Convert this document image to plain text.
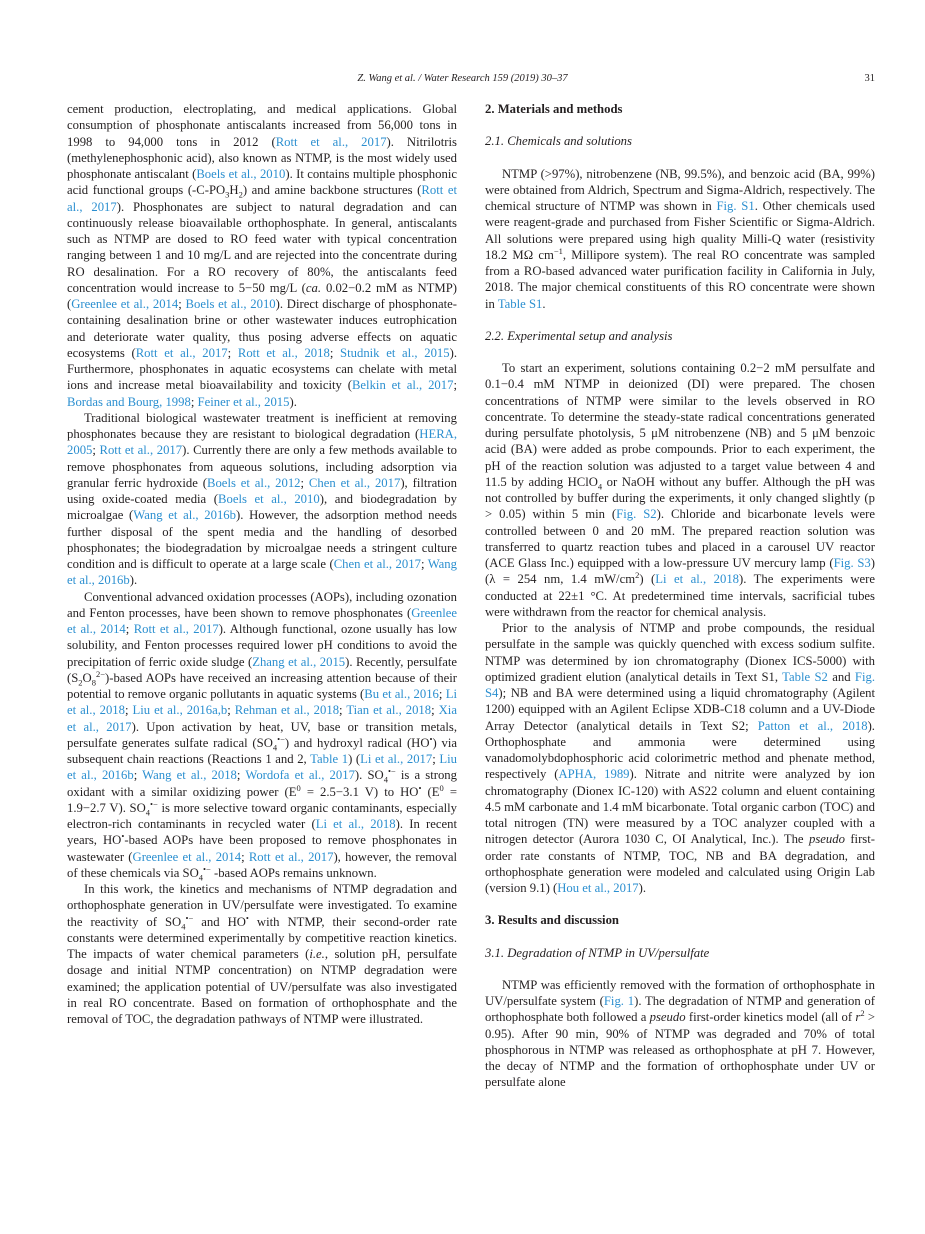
Z. Wang et al. / Water Research 159 (2019) 30–37	31

cement production, electroplating, and medical applications. Global consumption of phosphonate antiscalants increased from 56,000 tons in 1998 to 94,000 tons in 2012 (Rott et al., 2017). Nitrilotris (methylenephosphonic acid), also known as NTMP, is the most widely used phosphonate antiscalant (Boels et al., 2010). It contains multiple phosphonic acid functional groups $(-C-PO_3H_2)$ and amine backbone structures (Rott et al., 2017). Phosphonates are subject to natural degradation and can continuously release bioavailable orthophosphate. In general, antiscalants such as NTMP are dosed to RO feed water with typical concentration ranging between 1 and 10 mg/L and are rejected into the concentrate during RO desalination. For a RO recovery of 80%, the antiscalants feed concentration would increase to 5−50 mg/L (ca. 0.02−0.2 mM as NTMP) (Greenlee et al., 2014; Boels et al., 2010). Direct discharge of phosphonate-containing desalination brine or other wastewater induces eutrophication and deteriorate water quality, thus posing adverse effects on aquatic ecosystems (Rott et al., 2017; Rott et al., 2018; Studnik et al., 2015). Furthermore, phosphonates in aquatic ecosystems can chelate with metal ions and increase metal bioavailability and toxicity (Belkin et al., 2017; Bordas and Bourg, 1998; Feiner et al., 2015).

Traditional biological wastewater treatment is inefficient at removing phosphonates because they are resistant to biological degradation (HERA, 2005; Rott et al., 2017). Currently there are only a few methods available to remove phosphonates from aqueous solutions, including adsorption via granular ferric hydroxide (Boels et al., 2012; Chen et al., 2017), filtration using oxide-coated media (Boels et al., 2010), and biodegradation by microalgae (Wang et al., 2016b). However, the adsorption method needs further disposal of the spent media and the handling of desorbed phosphonates; the biodegradation by microalgae needs a stringent culture condition and is difficult to operate at a large scale (Chen et al., 2017; Wang et al., 2016b).

Conventional advanced oxidation processes (AOPs), including ozonation and Fenton processes, have been shown to remove phosphonates (Greenlee et al., 2014; Rott et al., 2017). Although functional, ozone usually has low solubility, and Fenton processes required lower pH conditions to avoid the precipitation of ferric oxide sludge (Zhang et al., 2015). Recently, persulfate $(S_2O_8^{2-})$-based AOPs have received an increasing attention because of their potential to remove organic pollutants in aquatic systems (Bu et al., 2016; Li et al., 2018; Liu et al., 2016a,b; Rehman et al., 2018; Tian et al., 2018; Xia et al., 2017). Upon activation by heat, UV, base or transition metals, persulfate generates sulfate radical $(SO_4^{•-})$ and hydroxyl radical (HO•) via subsequent chain reactions (Reactions 1 and 2, Table 1) (Li et al., 2017; Liu et al., 2016b; Wang et al., 2018; Wordofa et al., 2017). $SO_4^{•-}$ is a strong oxidant with a similar oxidizing power ($E^0 = 2.5-3.1$ V) to HO• ($E^0 = 1.9-2.7$ V). $SO_4^{•-}$ is more selective toward organic contaminants, especially electron-rich contaminants in recycled water (Li et al., 2018). In recent years, HO•-based AOPs have been proposed to remove phosphonates in wastewater (Greenlee et al., 2014; Rott et al., 2017), however, the removal of these chemicals via $SO_4^{•-}$ -based AOPs remains unknown.

In this work, the kinetics and mechanisms of NTMP degradation and orthophosphate generation in UV/persulfate were investigated. To examine the reactivity of $SO_4^{•-}$ and HO• with NTMP, their second-order rate constants were determined experimentally by competitive reaction kinetics. The impacts of water chemical parameters (i.e., solution pH, persulfate dosage and initial NTMP concentration) on NTMP degradation were examined; the application potential of UV/persulfate was also investigated in real RO concentrate. Based on formation of orthophosphate and the removal of TOC, the degradation pathways of NTMP were illustrated.

2. Materials and methods
2.1. Chemicals and solutions

NTMP (>97%), nitrobenzene (NB, 99.5%), and benzoic acid (BA, 99%) were obtained from Aldrich, Spectrum and Sigma-Aldrich, respectively. The chemical structure of NTMP was shown in Fig. S1. Other chemicals used were reagent-grade and purchased from Fisher Scientific or Sigma-Aldrich. All solutions were prepared using high quality Milli-Q water (resistivity 18.2 MΩ $cm^{-1}$, Millipore system). The real RO concentrate was sampled from a RO-based advanced water purification facility in California in July, 2018. The major chemical constituents of this RO concentrate were shown in Table S1.

2.2. Experimental setup and analysis

To start an experiment, solutions containing 0.2−2 mM persulfate and 0.1−0.4 mM NTMP in deionized (DI) were prepared. The chosen concentrations of NTMP were similar to the levels observed in RO concentrate. To determine the steady-state radical concentrations generated during persulfate photolysis, 5 μM nitrobenzene (NB) and 5 μM benzoic acid (BA) were added as probe compounds. Prior to each experiment, the pH of the reaction solution was adjusted to a target value between 4 and 11.5 by adding HClO$_4$ or NaOH without any buffer. Although the pH was not controlled by buffer during the experiments, it only changed slightly (p > 0.05) within 5 min (Fig. S2). Chloride and bicarbonate levels were controlled between 0 and 20 mM. The prepared reaction solution was transferred to quartz reaction tubes and placed in a carousel UV reactor (ACE Glass Inc.) equipped with a low-pressure UV mercury lamp (Fig. S3) (λ = 254 nm, 1.4 $mW/cm^2$) (Li et al., 2018). The experiments were conducted at 22±1 °C. At predetermined time intervals, sacrificial tubes were withdrawn from the reactor for chemical analysis.

Prior to the analysis of NTMP and probe compounds, the residual persulfate in the sample was quickly quenched with excess sodium sulfite. NTMP was determined by ion chromatography (Dionex ICS-5000) with optimized gradient elution (analytical details in Text S1, Table S2 and Fig. S4); NB and BA were determined using a liquid chromatography (Agilent 1200) equipped with an Agilent Eclipse XDB-C18 column and a UV-Diode Array Detector (analytical details in Text S2; Patton et al., 2018). Orthophosphate and ammonia were determined using vanadomolybdophosphoric acid colorimetric method and phenate method, respectively (APHA, 1989). Nitrate and nitrite were analyzed by ion chromatography (Dionex IC-120) with AS22 column and eluent containing 4.5 mM carbonate and 1.4 mM bicarbonate. Total organic carbon (TOC) and total nitrogen (TN) were measured by a TOC analyzer coupled with a nitrogen detector (Aurora 1030 C, OI Analytical, Inc.). The pseudo first-order rate constants of NTMP, TOC, NB and BA degradation, and orthophosphate generation were modeled and calculated using Origin Lab (version 9.1) (Hou et al., 2017).

3. Results and discussion
3.1. Degradation of NTMP in UV/persulfate

NTMP was efficiently removed with the formation of orthophosphate in UV/persulfate system (Fig. 1). The degradation of NTMP and generation of orthophosphate both followed a pseudo first-order kinetics model (all of $r^2 > 0.95$). After 90 min, 90% of NTMP was degraded and 70% of total phosphorous in NTMP was released as orthophosphate at pH 7. However, the decay of NTMP and the formation of orthophosphate under UV or persulfate alone
